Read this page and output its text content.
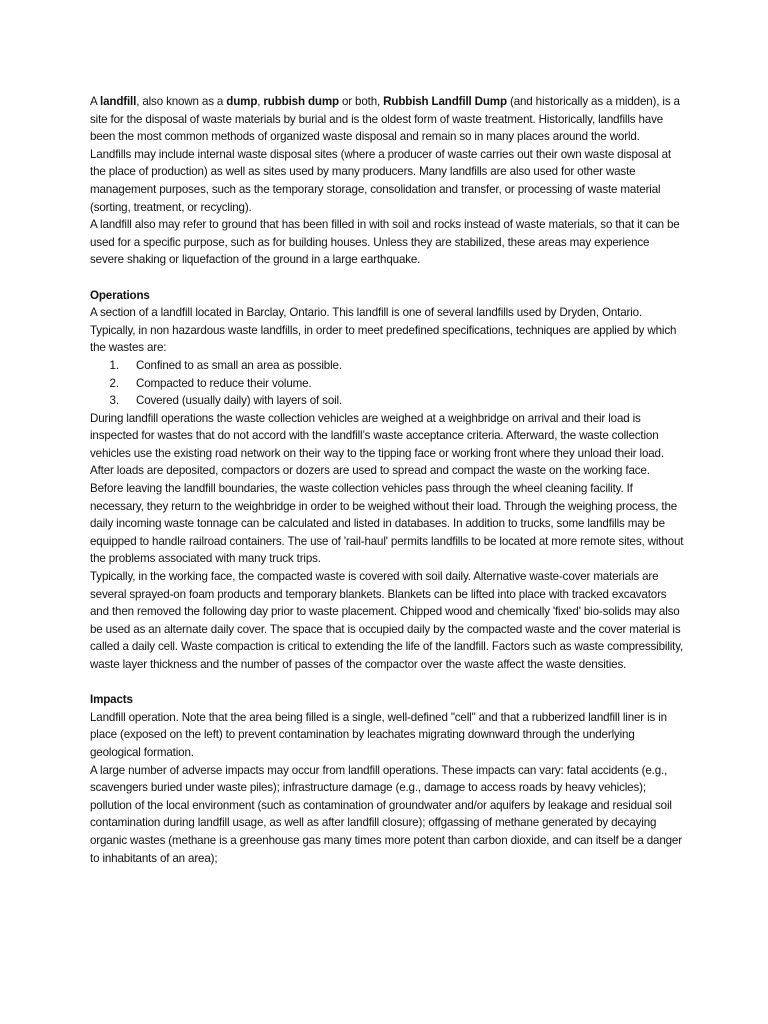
A landfill, also known as a dump, rubbish dump or both, Rubbish Landfill Dump (and historically as a midden), is a site for the disposal of waste materials by burial and is the oldest form of waste treatment. Historically, landfills have been the most common methods of organized waste disposal and remain so in many places around the world.

Landfills may include internal waste disposal sites (where a producer of waste carries out their own waste disposal at the place of production) as well as sites used by many producers. Many landfills are also used for other waste management purposes, such as the temporary storage, consolidation and transfer, or processing of waste material (sorting, treatment, or recycling).

A landfill also may refer to ground that has been filled in with soil and rocks instead of waste materials, so that it can be used for a specific purpose, such as for building houses. Unless they are stabilized, these areas may experience severe shaking or liquefaction of the ground in a large earthquake.

Operations

A section of a landfill located in Barclay, Ontario. This landfill is one of several landfills used by Dryden, Ontario.

Typically, in non hazardous waste landfills, in order to meet predefined specifications, techniques are applied by which the wastes are:

1. Confined to as small an area as possible.
2. Compacted to reduce their volume.
3. Covered (usually daily) with layers of soil.

During landfill operations the waste collection vehicles are weighed at a weighbridge on arrival and their load is inspected for wastes that do not accord with the landfill’s waste acceptance criteria. Afterward, the waste collection vehicles use the existing road network on their way to the tipping face or working front where they unload their load. After loads are deposited, compactors or dozers are used to spread and compact the waste on the working face. Before leaving the landfill boundaries, the waste collection vehicles pass through the wheel cleaning facility. If necessary, they return to the weighbridge in order to be weighed without their load. Through the weighing process, the daily incoming waste tonnage can be calculated and listed in databases. In addition to trucks, some landfills may be equipped to handle railroad containers. The use of 'rail-haul' permits landfills to be located at more remote sites, without the problems associated with many truck trips.

Typically, in the working face, the compacted waste is covered with soil daily. Alternative waste-cover materials are several sprayed-on foam products and temporary blankets. Blankets can be lifted into place with tracked excavators and then removed the following day prior to waste placement. Chipped wood and chemically 'fixed' bio-solids may also be used as an alternate daily cover. The space that is occupied daily by the compacted waste and the cover material is called a daily cell. Waste compaction is critical to extending the life of the landfill. Factors such as waste compressibility, waste layer thickness and the number of passes of the compactor over the waste affect the waste densities.

Impacts

Landfill operation. Note that the area being filled is a single, well-defined "cell" and that a rubberized landfill liner is in place (exposed on the left) to prevent contamination by leachates migrating downward through the underlying geological formation.

A large number of adverse impacts may occur from landfill operations. These impacts can vary: fatal accidents (e.g., scavengers buried under waste piles); infrastructure damage (e.g., damage to access roads by heavy vehicles); pollution of the local environment (such as contamination of groundwater and/or aquifers by leakage and residual soil contamination during landfill usage, as well as after landfill closure); offgassing of methane generated by decaying organic wastes (methane is a greenhouse gas many times more potent than carbon dioxide, and can itself be a danger to inhabitants of an area);
